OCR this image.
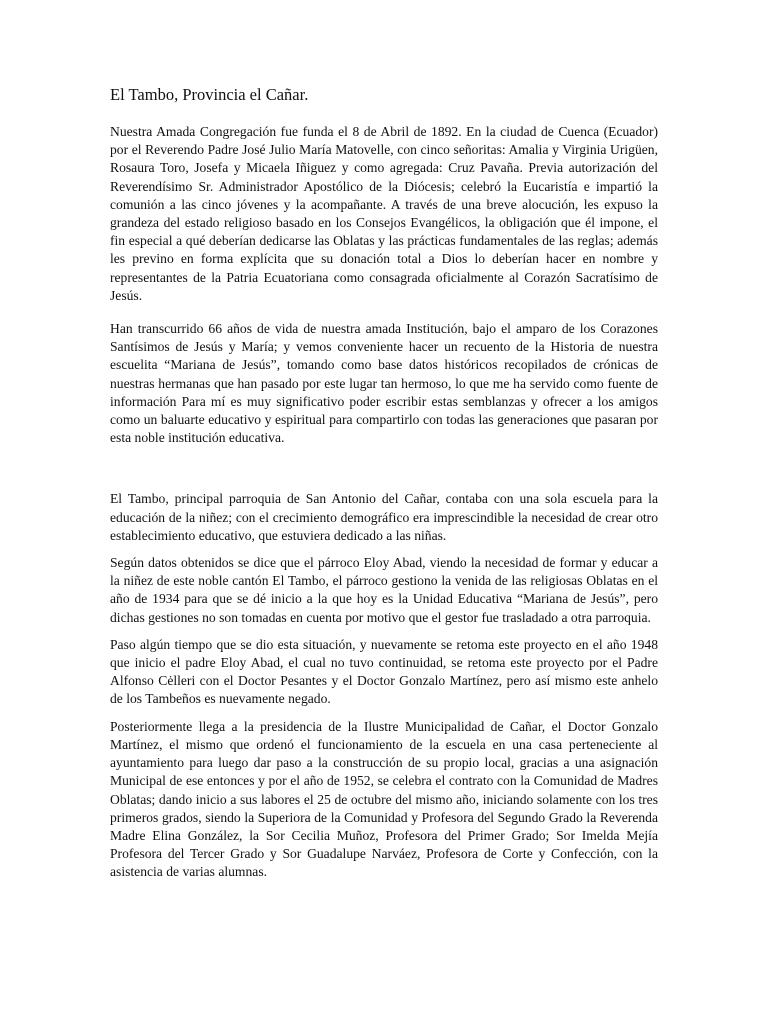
El Tambo, Provincia el Cañar.

Nuestra Amada Congregación fue funda el 8 de Abril de 1892. En la ciudad de Cuenca (Ecuador) por el Reverendo Padre José Julio María Matovelle, con cinco señoritas: Amalia y Virginia Urigüen, Rosaura Toro, Josefa y Micaela Iñiguez y como agregada: Cruz Pavaña. Previa autorización del Reverendísimo Sr. Administrador Apostólico de la Diócesis; celebró la Eucaristía e impartió la comunión a las cinco jóvenes y la acompañante. A través de una breve alocución, les expuso la grandeza del estado religioso basado en los Consejos Evangélicos, la obligación que él impone, el fin especial a qué deberían dedicarse las Oblatas y las prácticas fundamentales de las reglas; además les previno en forma explícita que su donación total a Dios lo deberían hacer en nombre y representantes de la Patria Ecuatoriana como consagrada oficialmente al Corazón Sacratísimo de Jesús.

Han transcurrido 66 años de vida de nuestra amada Institución, bajo el amparo de los Corazones Santísimos de Jesús y María; y vemos conveniente hacer un recuento de la Historia de nuestra escuelita “Mariana de Jesús”, tomando como base datos históricos recopilados de crónicas de nuestras hermanas que han pasado por este lugar tan hermoso, lo que me ha servido como fuente de información Para mí es muy significativo poder escribir estas semblanzas y ofrecer a los amigos como un baluarte educativo y espiritual para compartirlo con todas las generaciones que pasaran por esta noble institución educativa.

El Tambo, principal parroquia de San Antonio del Cañar, contaba con una sola escuela para la educación de la niñez; con el crecimiento demográfico era imprescindible la necesidad de crear otro establecimiento educativo, que estuviera dedicado a las niñas.

Según datos obtenidos se dice que el párroco Eloy Abad, viendo la necesidad de formar y educar a la niñez de este noble cantón El Tambo, el párroco gestiono la venida de las religiosas Oblatas en el año de 1934 para que se dé inicio a la que hoy es la Unidad Educativa “Mariana de Jesús”, pero dichas gestiones no son tomadas en cuenta por motivo que el gestor fue trasladado a otra parroquia.

Paso algún tiempo que se dio esta situación, y nuevamente se retoma este proyecto en el año 1948 que inicio el padre Eloy Abad, el cual no tuvo continuidad, se retoma este proyecto por el Padre Alfonso Cėlleri con el Doctor Pesantes y el Doctor Gonzalo Martínez, pero así mismo este anhelo de los Tambeños es nuevamente negado.

Posteriormente llega a la presidencia de la Ilustre Municipalidad de Cañar, el Doctor Gonzalo Martínez, el mismo que ordenó el funcionamiento de la escuela en una casa perteneciente al ayuntamiento para luego dar paso a la construcción de su propio local, gracias a una asignación Municipal de ese entonces y por el año de 1952, se celebra el contrato con la Comunidad de Madres Oblatas; dando inicio a sus labores el 25 de octubre del mismo año, iniciando solamente con los tres primeros grados, siendo la Superiora de la Comunidad y Profesora del Segundo Grado la Reverenda Madre Elina González, la Sor Cecilia Muñoz, Profesora del Primer Grado; Sor Imelda Mejía Profesora del Tercer Grado y Sor Guadalupe Narváez, Profesora de Corte y Confección, con la asistencia de varias alumnas.
